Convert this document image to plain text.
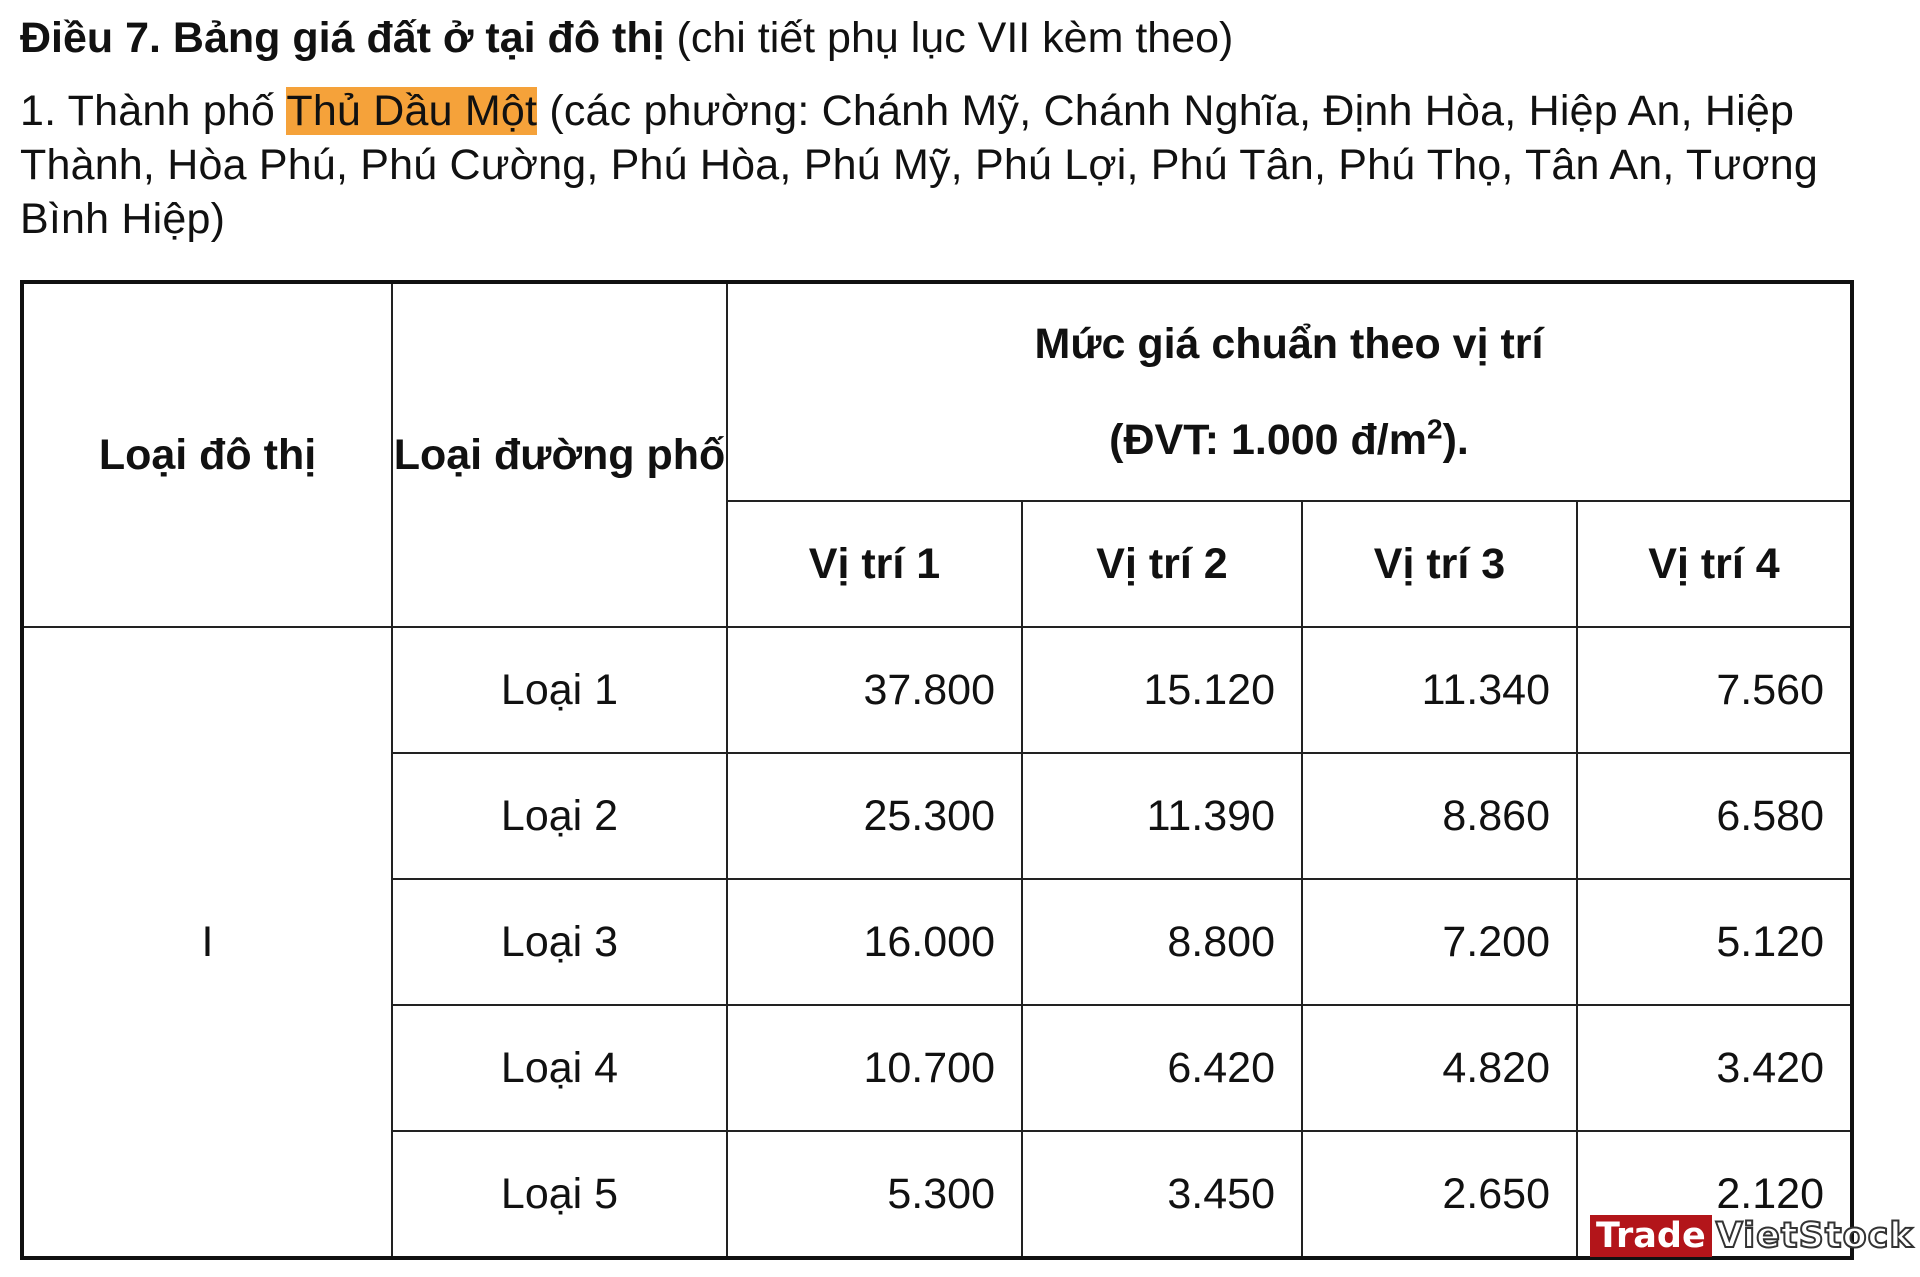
Điều 7. Bảng giá đất ở tại đô thị (chi tiết phụ lục VII kèm theo)
1. Thành phố Thủ Dầu Một (các phường: Chánh Mỹ, Chánh Nghĩa, Định Hòa, Hiệp An, Hiệp Thành, Hòa Phú, Phú Cường, Phú Hòa, Phú Mỹ, Phú Lợi, Phú Tân, Phú Thọ, Tân An, Tương Bình Hiệp)
Loại đô thị	Loại đường phố	Mức giá chuẩn theo vị trí
(ĐVT: 1.000 $đ/m^2$).			

		Vị trí 1	Vị trí 2	Vị trí 3	Vị trí 4
I	Loại 1	37.800	15.120	11.340	7.560
	Loại 2	25.300	11.390	8.860	6.580
	Loại 3	16.000	8.800	7.200	5.120
	Loại 4	10.700	6.420	4.820	3.420
	Loại 5	5.300	3.450	2.650	2.120
Trade VietStock
